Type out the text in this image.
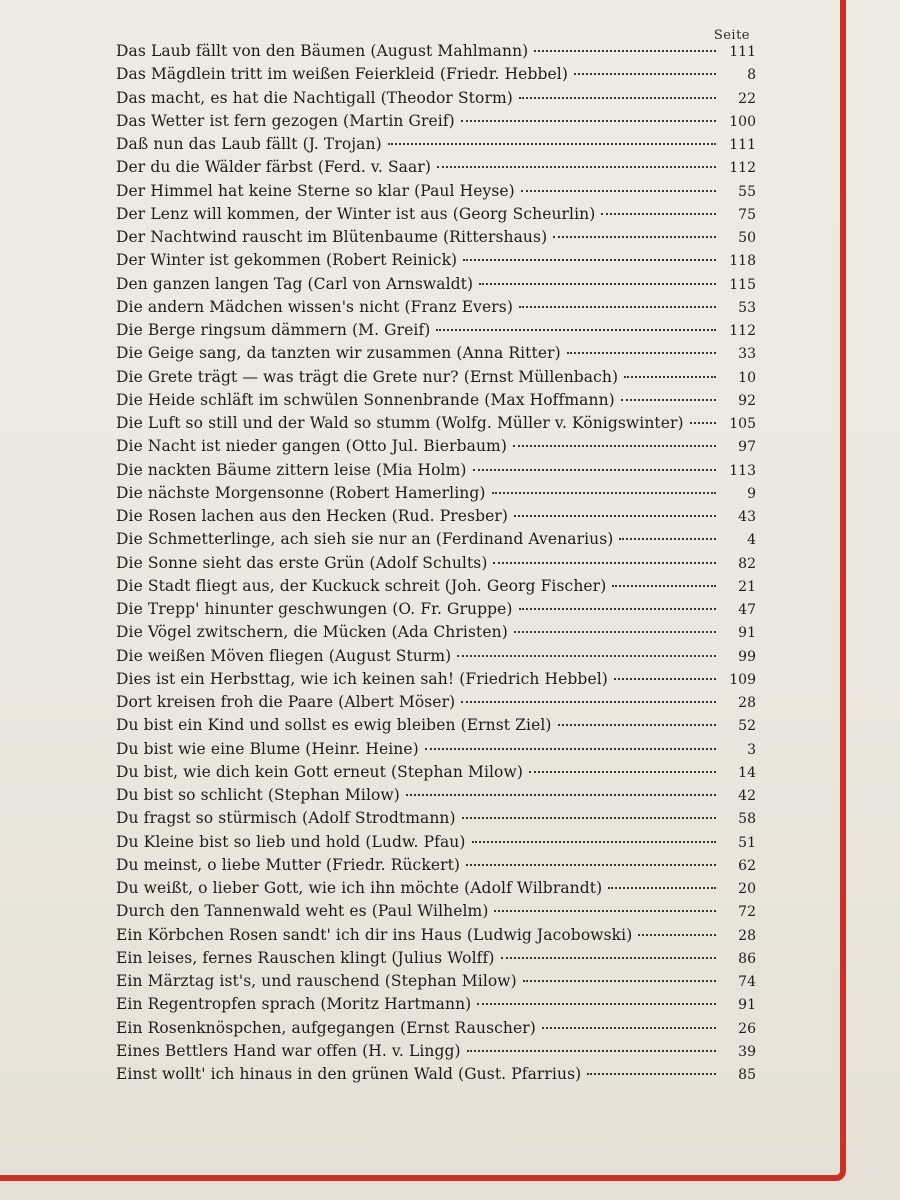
Seite
Das Laub fällt von den Bäumen (August Mahlmann)	111
Das Mägdlein tritt im weißen Feierkleid (Friedr. Hebbel)	8
Das macht, es hat die Nachtigall (Theodor Storm)	22
Das Wetter ist fern gezogen (Martin Greif)	100
Daß nun das Laub fällt (J. Trojan)	111
Der du die Wälder färbst (Ferd. v. Saar)	112
Der Himmel hat keine Sterne so klar (Paul Heyse)	55
Der Lenz will kommen, der Winter ist aus (Georg Scheurlin)	75
Der Nachtwind rauscht im Blütenbaume (Rittershaus)	50
Der Winter ist gekommen (Robert Reinick)	118
Den ganzen langen Tag (Carl von Arnswaldt)	115
Die andern Mädchen wissen's nicht (Franz Evers)	53
Die Berge ringsum dämmern (M. Greif)	112
Die Geige sang, da tanzten wir zusammen (Anna Ritter)	33
Die Grete trägt — was trägt die Grete nur? (Ernst Müllenbach)	10
Die Heide schläft im schwülen Sonnenbrande (Max Hoffmann)	92
Die Luft so still und der Wald so stumm (Wolfg. Müller v. Königswinter)	105
Die Nacht ist nieder gangen (Otto Jul. Bierbaum)	97
Die nackten Bäume zittern leise (Mia Holm)	113
Die nächste Morgensonne (Robert Hamerling)	9
Die Rosen lachen aus den Hecken (Rud. Presber)	43
Die Schmetterlinge, ach sieh sie nur an (Ferdinand Avenarius)	4
Die Sonne sieht das erste Grün (Adolf Schults)	82
Die Stadt fliegt aus, der Kuckuck schreit (Joh. Georg Fischer)	21
Die Trepp' hinunter geschwungen (O. Fr. Gruppe)	47
Die Vögel zwitschern, die Mücken (Ada Christen)	91
Die weißen Möven fliegen (August Sturm)	99
Dies ist ein Herbsttag, wie ich keinen sah! (Friedrich Hebbel)	109
Dort kreisen froh die Paare (Albert Möser)	28
Du bist ein Kind und sollst es ewig bleiben (Ernst Ziel)	52
Du bist wie eine Blume (Heinr. Heine)	3
Du bist, wie dich kein Gott erneut (Stephan Milow)	14
Du bist so schlicht (Stephan Milow)	42
Du fragst so stürmisch (Adolf Strodtmann)	58
Du Kleine bist so lieb und hold (Ludw. Pfau)	51
Du meinst, o liebe Mutter (Friedr. Rückert)	62
Du weißt, o lieber Gott, wie ich ihn möchte (Adolf Wilbrandt)	20
Durch den Tannenwald weht es (Paul Wilhelm)	72
Ein Körbchen Rosen sandt' ich dir ins Haus (Ludwig Jacobowski)	28
Ein leises, fernes Rauschen klingt (Julius Wolff)	86
Ein Märztag ist's, und rauschend (Stephan Milow)	74
Ein Regentropfen sprach (Moritz Hartmann)	91
Ein Rosenknöspchen, aufgegangen (Ernst Rauscher)	26
Eines Bettlers Hand war offen (H. v. Lingg)	39
Einst wollt' ich hinaus in den grünen Wald (Gust. Pfarrius)	85
